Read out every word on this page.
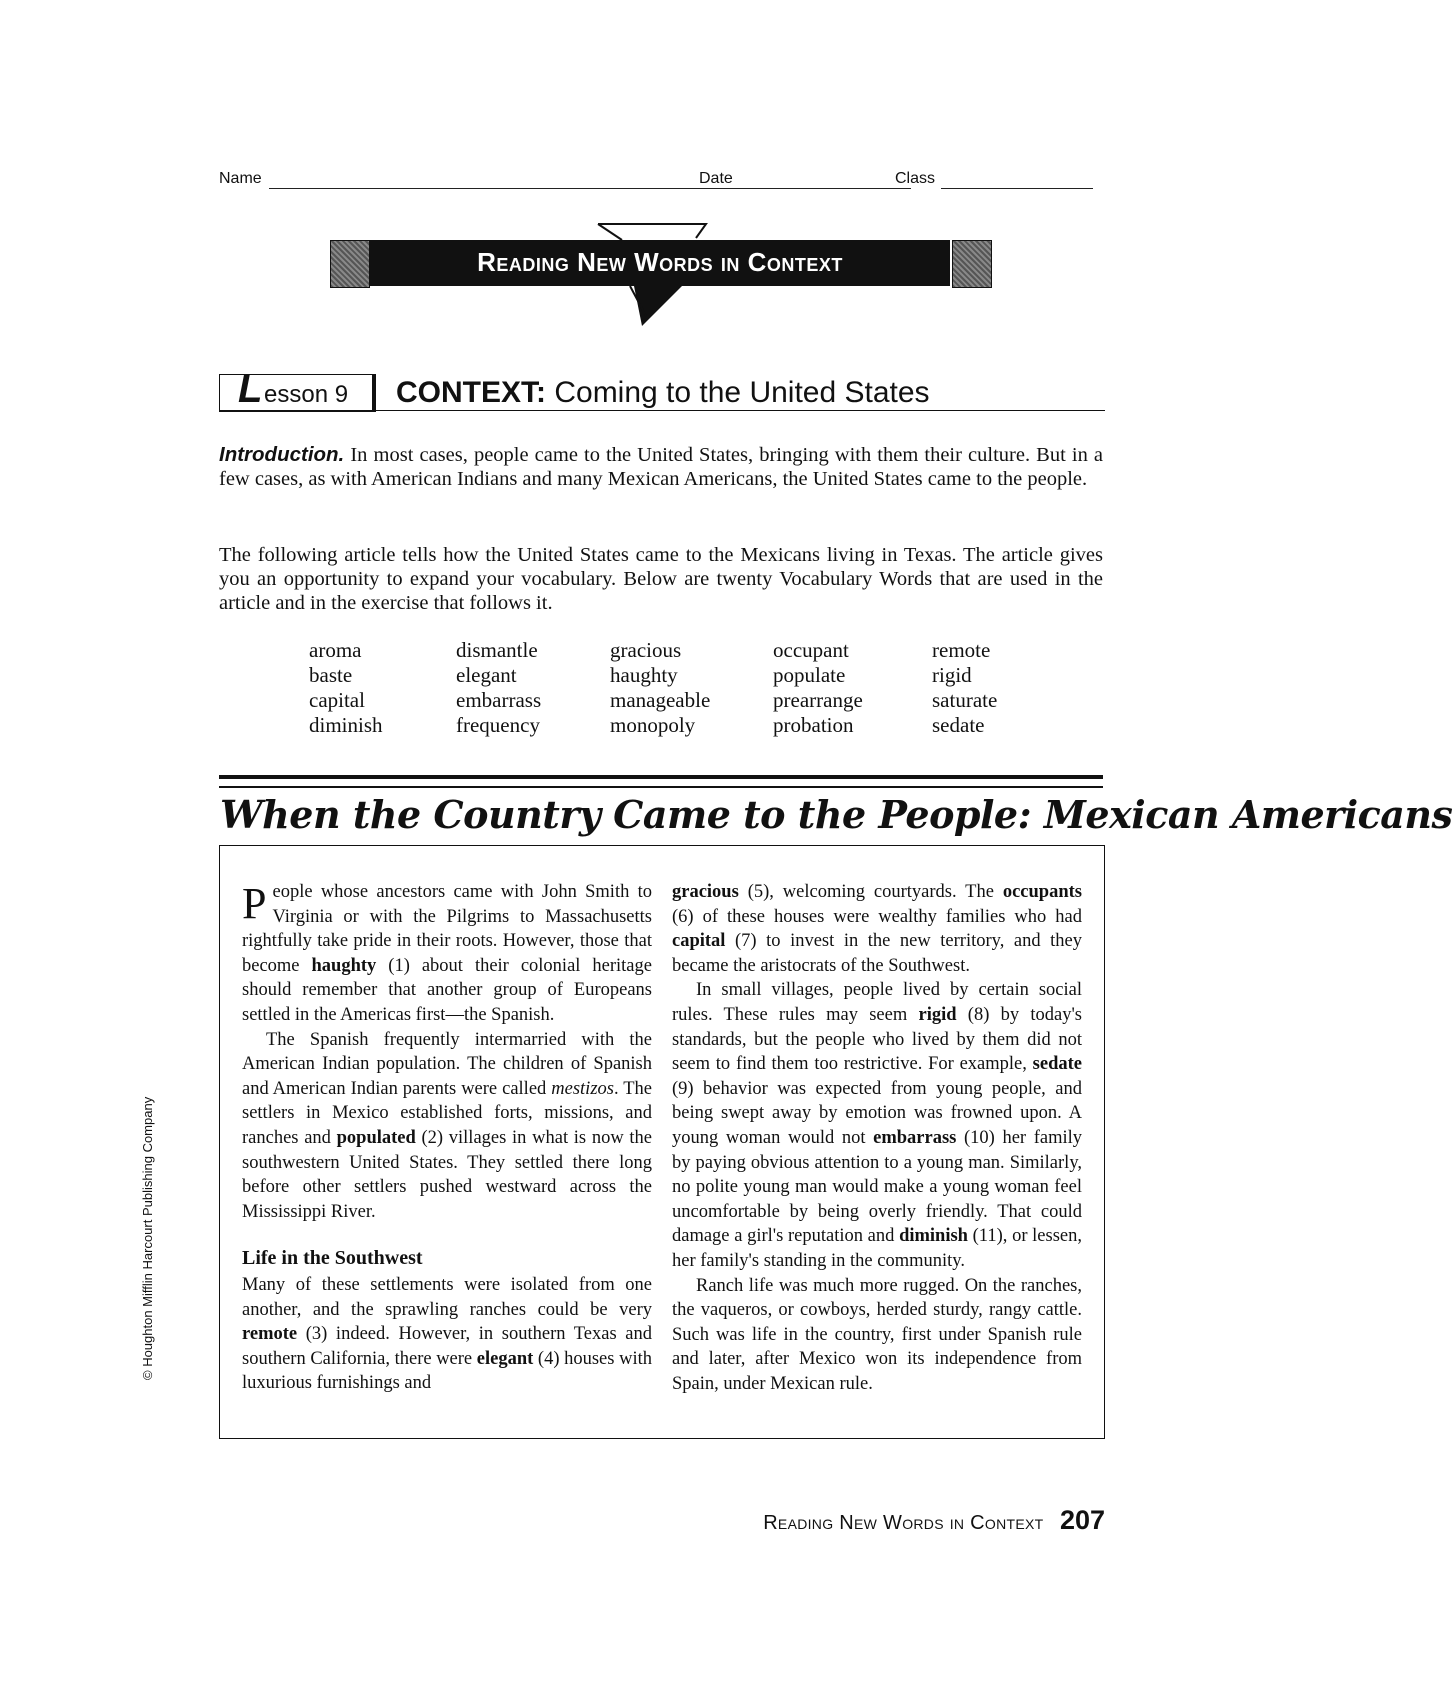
Name	Date	Class
Reading New Words in Context
L esson 9 CONTEXT: Coming to the United States
Introduction. In most cases, people came to the United States, bringing with them their culture. But in a few cases, as with American Indians and many Mexican Americans, the United States came to the people.
The following article tells how the United States came to the Mexicans living in Texas. The article gives you an opportunity to expand your vocabulary. Below are twenty Vocabulary Words that are used in the article and in the exercise that follows it.
aroma
baste
capital
diminish
dismantle
elegant
embarrass
frequency
gracious
haughty
manageable
monopoly
occupant
populate
prearrange
probation
remote
rigid
saturate
sedate
When the Country Came to the People: Mexican Americans

People whose ancestors came with John Smith to Virginia or with the Pilgrims to Massachusetts rightfully take pride in their roots. However, those that become haughty (1) about their colonial heritage should remember that another group of Europeans settled in the Americas first—the Spanish.

The Spanish frequently intermarried with the American Indian population. The children of Spanish and American Indian parents were called mestizos. The settlers in Mexico established forts, missions, and ranches and populated (2) villages in what is now the southwestern United States. They settled there long before other settlers pushed westward across the Mississippi River.

Life in the Southwest

Many of these settlements were isolated from one another, and the sprawling ranches could be very remote (3) indeed. However, in southern Texas and southern California, there were elegant (4) houses with luxurious furnishings and

gracious (5), welcoming courtyards. The occupants (6) of these houses were wealthy families who had capital (7) to invest in the new territory, and they became the aristocrats of the Southwest.

In small villages, people lived by certain social rules. These rules may seem rigid (8) by today's standards, but the people who lived by them did not seem to find them too restrictive. For example, sedate (9) behavior was expected from young people, and being swept away by emotion was frowned upon. A young woman would not embarrass (10) her family by paying obvious attention to a young man. Similarly, no polite young man would make a young woman feel uncomfortable by being overly friendly. That could damage a girl's reputation and diminish (11), or lessen, her family's standing in the community.

Ranch life was much more rugged. On the ranches, the vaqueros, or cowboys, herded sturdy, rangy cattle. Such was life in the country, first under Spanish rule and later, after Mexico won its independence from Spain, under Mexican rule.

© Houghton Mifflin Harcourt Publishing Company
Reading New Words in Context 207
